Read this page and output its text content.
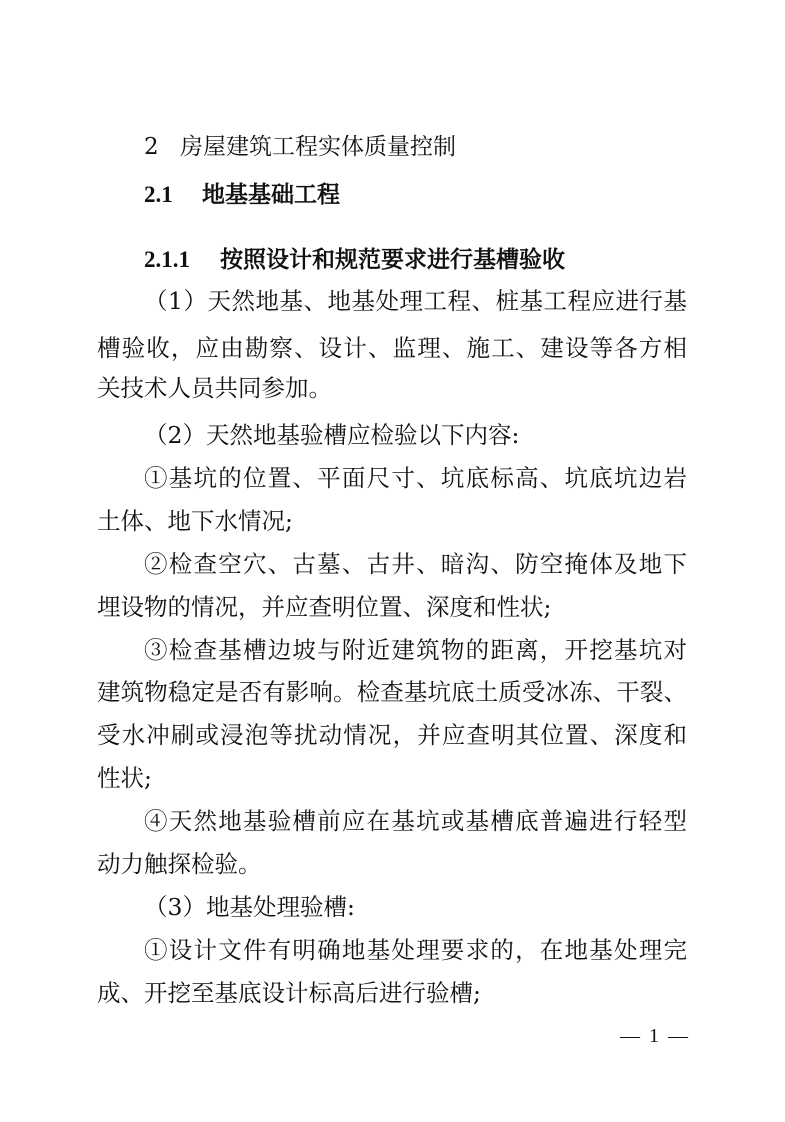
2 房屋建筑工程实体质量控制
2.1 地基基础工程
2.1.1 按照设计和规范要求进行基槽验收
（1）天然地基、地基处理工程、桩基工程应进行基
槽验收，应由勘察、设计、监理、施工、建设等各方相
关技术人员共同参加。
（2）天然地基验槽应检验以下内容:
①基坑的位置、平面尺寸、坑底标高、坑底坑边岩
土体、地下水情况;
②检查空穴、古墓、古井、暗沟、防空掩体及地下
埋设物的情况，并应查明位置、深度和性状;
③检查基槽边坡与附近建筑物的距离，开挖基坑对
建筑物稳定是否有影响。检查基坑底土质受冰冻、干裂、
受水冲刷或浸泡等扰动情况，并应查明其位置、深度和
性状;
④天然地基验槽前应在基坑或基槽底普遍进行轻型
动力触探检验。
（3）地基处理验槽:
①设计文件有明确地基处理要求的，在地基处理完
成、开挖至基底设计标高后进行验槽;
— 1 —
